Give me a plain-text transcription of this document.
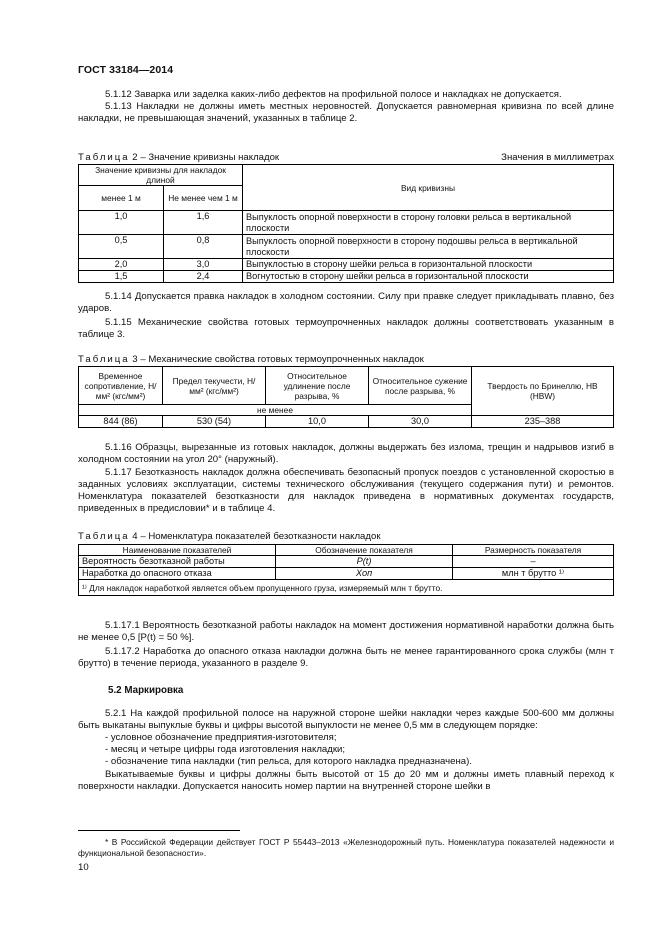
ГОСТ 33184—2014

5.1.12 Заварка или заделка каких-либо дефектов на профильной полосе и накладках не допускается.

5.1.13 Накладки не должны иметь местных неровностей. Допускается равномерная кривизна по всей длине накладки, не превышающая значений, указанных в таблице 2.

Таблица 2 – Значение кривизны накладок	Значения в миллиметрах
Значение кривизны для накладок длиной		Вид кривизны
менее 1 м	Не менее чем 1 м	
1,0	1,6	Выпуклость опорной поверхности в сторону головки рельса в вертикальной плоскости
0,5	0,8	Выпуклость опорной поверхности в сторону подошвы рельса в вертикальной плоскости
2,0	3,0	Выпуклостью в сторону шейки рельса в горизонтальной плоскости
1,5	2,4	Вогнутостью в сторону шейки рельса в горизонтальной плоскости

5.1.14 Допускается правка накладок в холодном состоянии. Силу при правке следует прикладывать плавно, без ударов.

5.1.15 Механические свойства готовых термоупрочненных накладок должны соответствовать указанным в таблице 3.

Таблица 3 – Механические свойства готовых термоупрочненных накладок
Временное сопротивление, Н/мм² (кгс/мм²)	Предел текучести, Н/мм² (кгс/мм²)	Относительное удлинение после разрыва, %	Относительное сужение после разрыва, %	Твердость по Бринеллю, НВ (HBW)
не менее				
844 (86)	530 (54)	10,0	30,0	235–388

5.1.16 Образцы, вырезанные из готовых накладок, должны выдержать без излома, трещин и надрывов изгиб в холодном состоянии на угол 20° (наружный).

5.1.17 Безотказность накладок должна обеспечивать безопасный пропуск поездов с установленной скоростью в заданных условиях эксплуатации, системы технического обслуживания (текущего содержания пути) и ремонтов. Номенклатура показателей безотказности для накладок приведена в нормативных документах государств, приведенных в предисловии* и в таблице 4.

Таблица 4 – Номенклатура показателей безотказности накладок
Наименование показателей	Обозначение показателя	Размерность показателя
Вероятность безотказной работы	P(t)	–
Наработка до опасного отказа	Xоп	млн т брутто ¹⁾
¹⁾ Для накладок наработкой является объем пропущенного груза, измеряемый млн т брутто.		

5.1.17.1 Вероятность безотказной работы накладок на момент достижения нормативной наработки должна быть не менее 0,5 [P(t) = 50 %].

5.1.17.2 Наработка до опасного отказа накладки должна быть не менее гарантированного срока службы (млн т брутто) в течение периода, указанного в разделе 9.

5.2 Маркировка

5.2.1 На каждой профильной полосе на наружной стороне шейки накладки через каждые 500-600 мм должны быть выкатаны выпуклые буквы и цифры высотой выпуклости не менее 0,5 мм в следующем порядке:

- условное обозначение предприятия-изготовителя;
- месяц и четыре цифры года изготовления накладки;
- обозначение типа накладки (тип рельса, для которого накладка предназначена).

Выкатываемые буквы и цифры должны быть высотой от 15 до 20 мм и должны иметь плавный переход к поверхности накладки. Допускается наносить номер партии на внутренней стороне шейки в

* В Российской Федерации действует ГОСТ Р 55443–2013 «Железнодорожный путь. Номенклатура показателей надежности и функциональной безопасности».
10
